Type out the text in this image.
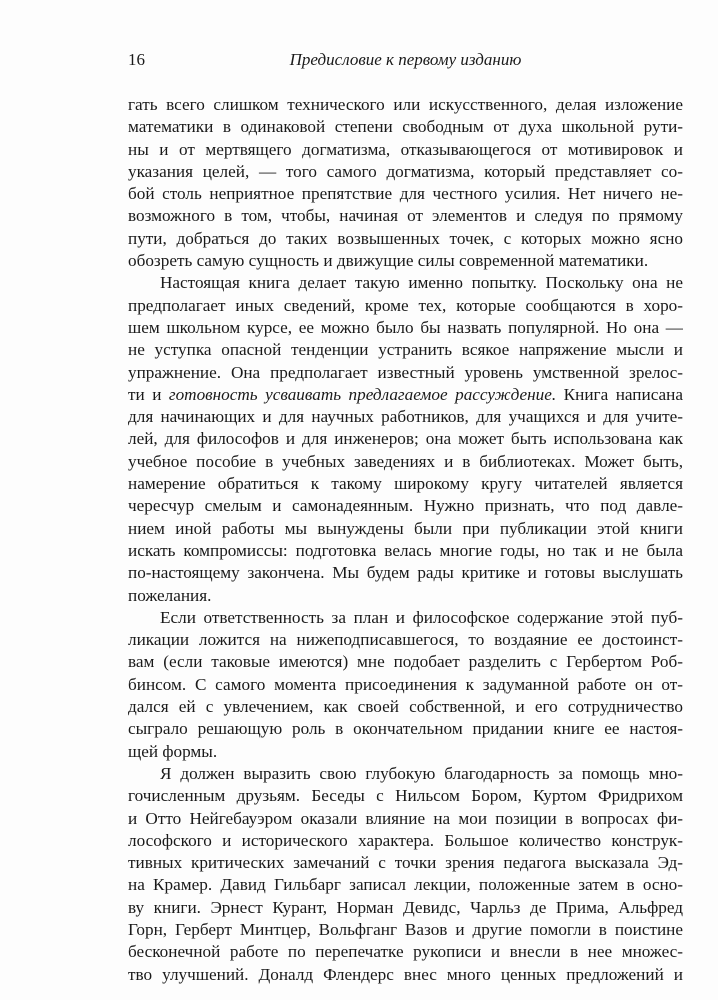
16	Предисловие к первому изданию
гать всего слишком технического или искусственного, делая изложение
математики в одинаковой степени свободным от духа школьной рути-
ны и от мертвящего догматизма, отказывающегося от мотивировок и
указания целей, — того самого догматизма, который представляет со-
бой столь неприятное препятствие для честного усилия. Нет ничего не-
возможного в том, чтобы, начиная от элементов и следуя по прямому
пути, добраться до таких возвышенных точек, с которых можно ясно
обозреть самую сущность и движущие силы современной математики.
Настоящая книга делает такую именно попытку. Поскольку она не
предполагает иных сведений, кроме тех, которые сообщаются в хоро-
шем школьном курсе, ее можно было бы назвать популярной. Но она —
не уступка опасной тенденции устранить всякое напряжение мысли и
упражнение. Она предполагает известный уровень умственной зрелос-
ти и готовность усваивать предлагаемое рассуждение. Книга написана
для начинающих и для научных работников, для учащихся и для учите-
лей, для философов и для инженеров; она может быть использована как
учебное пособие в учебных заведениях и в библиотеках. Может быть,
намерение обратиться к такому широкому кругу читателей является
чересчур смелым и самонадеянным. Нужно признать, что под давле-
нием иной работы мы вынуждены были при публикации этой книги
искать компромиссы: подготовка велась многие годы, но так и не была
по-настоящему закончена. Мы будем рады критике и готовы выслушать
пожелания.
Если ответственность за план и философское содержание этой пуб-
ликации ложится на нижеподписавшегося, то воздаяние ее достоинст-
вам (если таковые имеются) мне подобает разделить с Гербертом Роб-
бинсом. С самого момента присоединения к задуманной работе он от-
дался ей с увлечением, как своей собственной, и его сотрудничество
сыграло решающую роль в окончательном придании книге ее настоя-
щей формы.
Я должен выразить свою глубокую благодарность за помощь мно-
гочисленным друзьям. Беседы с Нильсом Бором, Куртом Фридрихом
и Отто Нейгебауэром оказали влияние на мои позиции в вопросах фи-
лософского и исторического характера. Большое количество конструк-
тивных критических замечаний с точки зрения педагога высказала Эд-
на Крамер. Давид Гильбарг записал лекции, положенные затем в осно-
ву книги. Эрнест Курант, Норман Девидс, Чарльз де Прима, Альфред
Горн, Герберт Минтцер, Вольфганг Вазов и другие помогли в поистине
бесконечной работе по перепечатке рукописи и внесли в нее множес-
тво улучшений. Доналд Флендерс внес много ценных предложений и
